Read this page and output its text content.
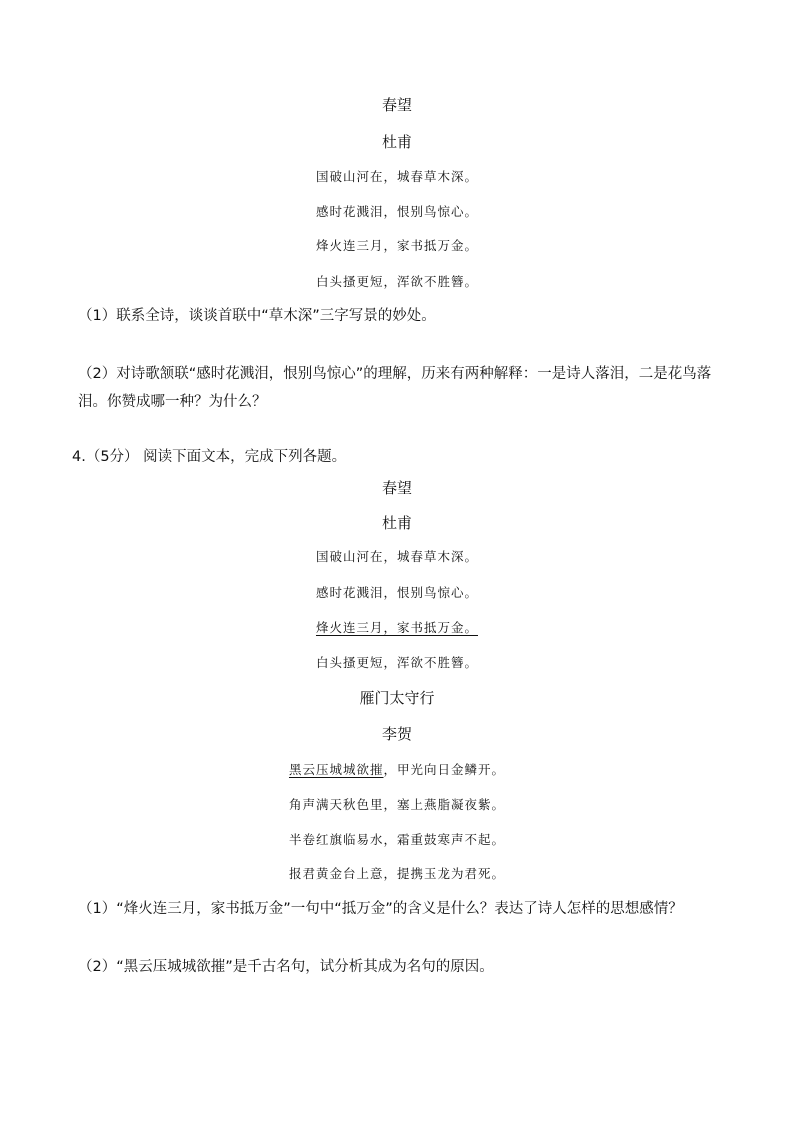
春望
杜甫
国破山河在，城春草木深。
感时花溅泪，恨别鸟惊心。
烽火连三月，家书抵万金。
白头搔更短，浑欲不胜簪。
（1）联系全诗，谈谈首联中“草木深”三字写景的妙处。
（2）对诗歌颔联“感时花溅泪，恨别鸟惊心”的理解，历来有两种解释：一是诗人落泪，二是花鸟落泪。你赞成哪一种？为什么？
4.（5分） 阅读下面文本，完成下列各题。
春望
杜甫
国破山河在，城春草木深。
感时花溅泪，恨别鸟惊心。
烽火连三月，家书抵万金。
白头搔更短，浑欲不胜簪。
雁门太守行
李贺
黑云压城城欲摧，甲光向日金鳞开。
角声满天秋色里，塞上燕脂凝夜紫。
半卷红旗临易水，霜重鼓寒声不起。
报君黄金台上意，提携玉龙为君死。
（1）“烽火连三月，家书抵万金”一句中“抵万金”的含义是什么？表达了诗人怎样的思想感情？
（2）“黑云压城城欲摧”是千古名句，试分析其成为名句的原因。
